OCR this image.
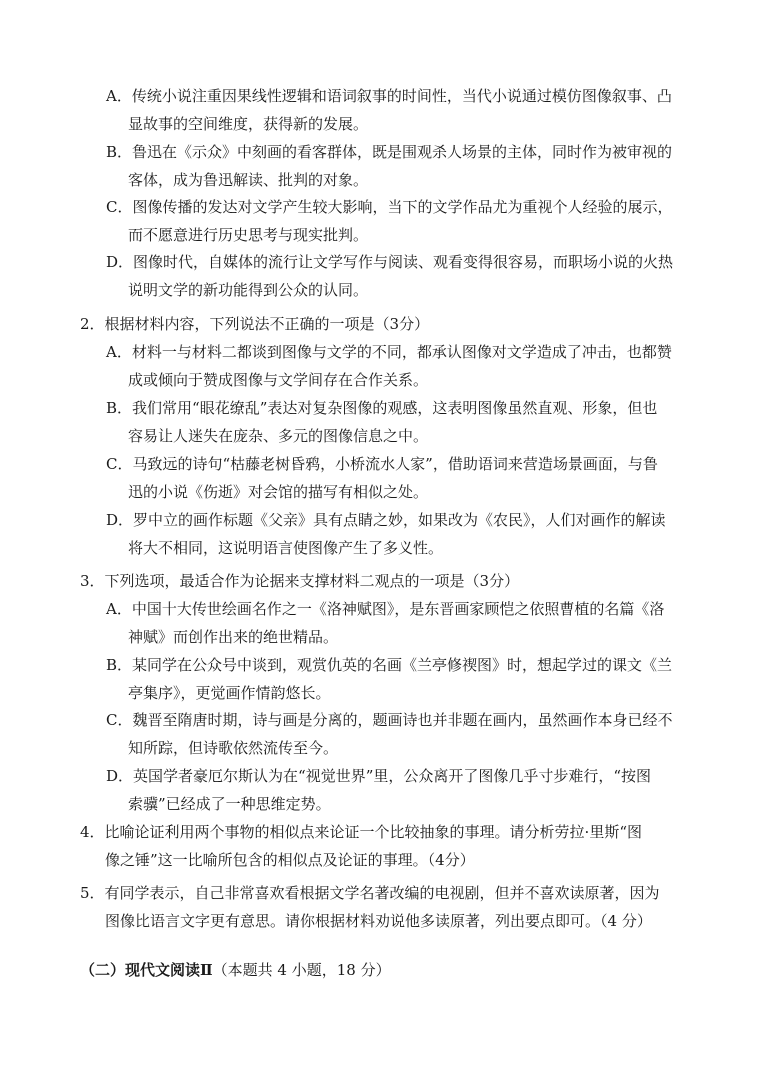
A．传统小说注重因果线性逻辑和语词叙事的时间性，当代小说通过模仿图像叙事、凸
显故事的空间维度，获得新的发展。
B．鲁迅在《示众》中刻画的看客群体，既是围观杀人场景的主体，同时作为被审视的
客体，成为鲁迅解读、批判的对象。
C．图像传播的发达对文学产生较大影响，当下的文学作品尤为重视个人经验的展示，
而不愿意进行历史思考与现实批判。
D．图像时代，自媒体的流行让文学写作与阅读、观看变得很容易，而职场小说的火热
说明文学的新功能得到公众的认同。
2．根据材料内容，下列说法不正确的一项是（3分）
A．材料一与材料二都谈到图像与文学的不同，都承认图像对文学造成了冲击，也都赞
成或倾向于赞成图像与文学间存在合作关系。
B．我们常用“眼花缭乱”表达对复杂图像的观感，这表明图像虽然直观、形象，但也
容易让人迷失在庞杂、多元的图像信息之中。
C．马致远的诗句“枯藤老树昏鸦，小桥流水人家”，借助语词来营造场景画面，与鲁
迅的小说《伤逝》对会馆的描写有相似之处。
D．罗中立的画作标题《父亲》具有点睛之妙，如果改为《农民》，人们对画作的解读
将大不相同，这说明语言使图像产生了多义性。
3．下列选项，最适合作为论据来支撑材料二观点的一项是（3分）
A．中国十大传世绘画名作之一《洛神赋图》，是东晋画家顾恺之依照曹植的名篇《洛
神赋》而创作出来的绝世精品。
B．某同学在公众号中谈到，观赏仇英的名画《兰亭修禊图》时，想起学过的课文《兰
亭集序》，更觉画作情韵悠长。
C．魏晋至隋唐时期，诗与画是分离的，题画诗也并非题在画内，虽然画作本身已经不
知所踪，但诗歌依然流传至今。
D．英国学者豪厄尔斯认为在“视觉世界”里，公众离开了图像几乎寸步难行，“按图
索骥”已经成了一种思维定势。
4．比喻论证利用两个事物的相似点来论证一个比较抽象的事理。请分析劳拉·里斯“图
像之锤”这一比喻所包含的相似点及论证的事理。（4分）
5．有同学表示，自己非常喜欢看根据文学名著改编的电视剧，但并不喜欢读原著，因为
图像比语言文字更有意思。请你根据材料劝说他多读原著，列出要点即可。（4 分）
（二）现代文阅读Ⅱ（本题共 4 小题，18 分）
